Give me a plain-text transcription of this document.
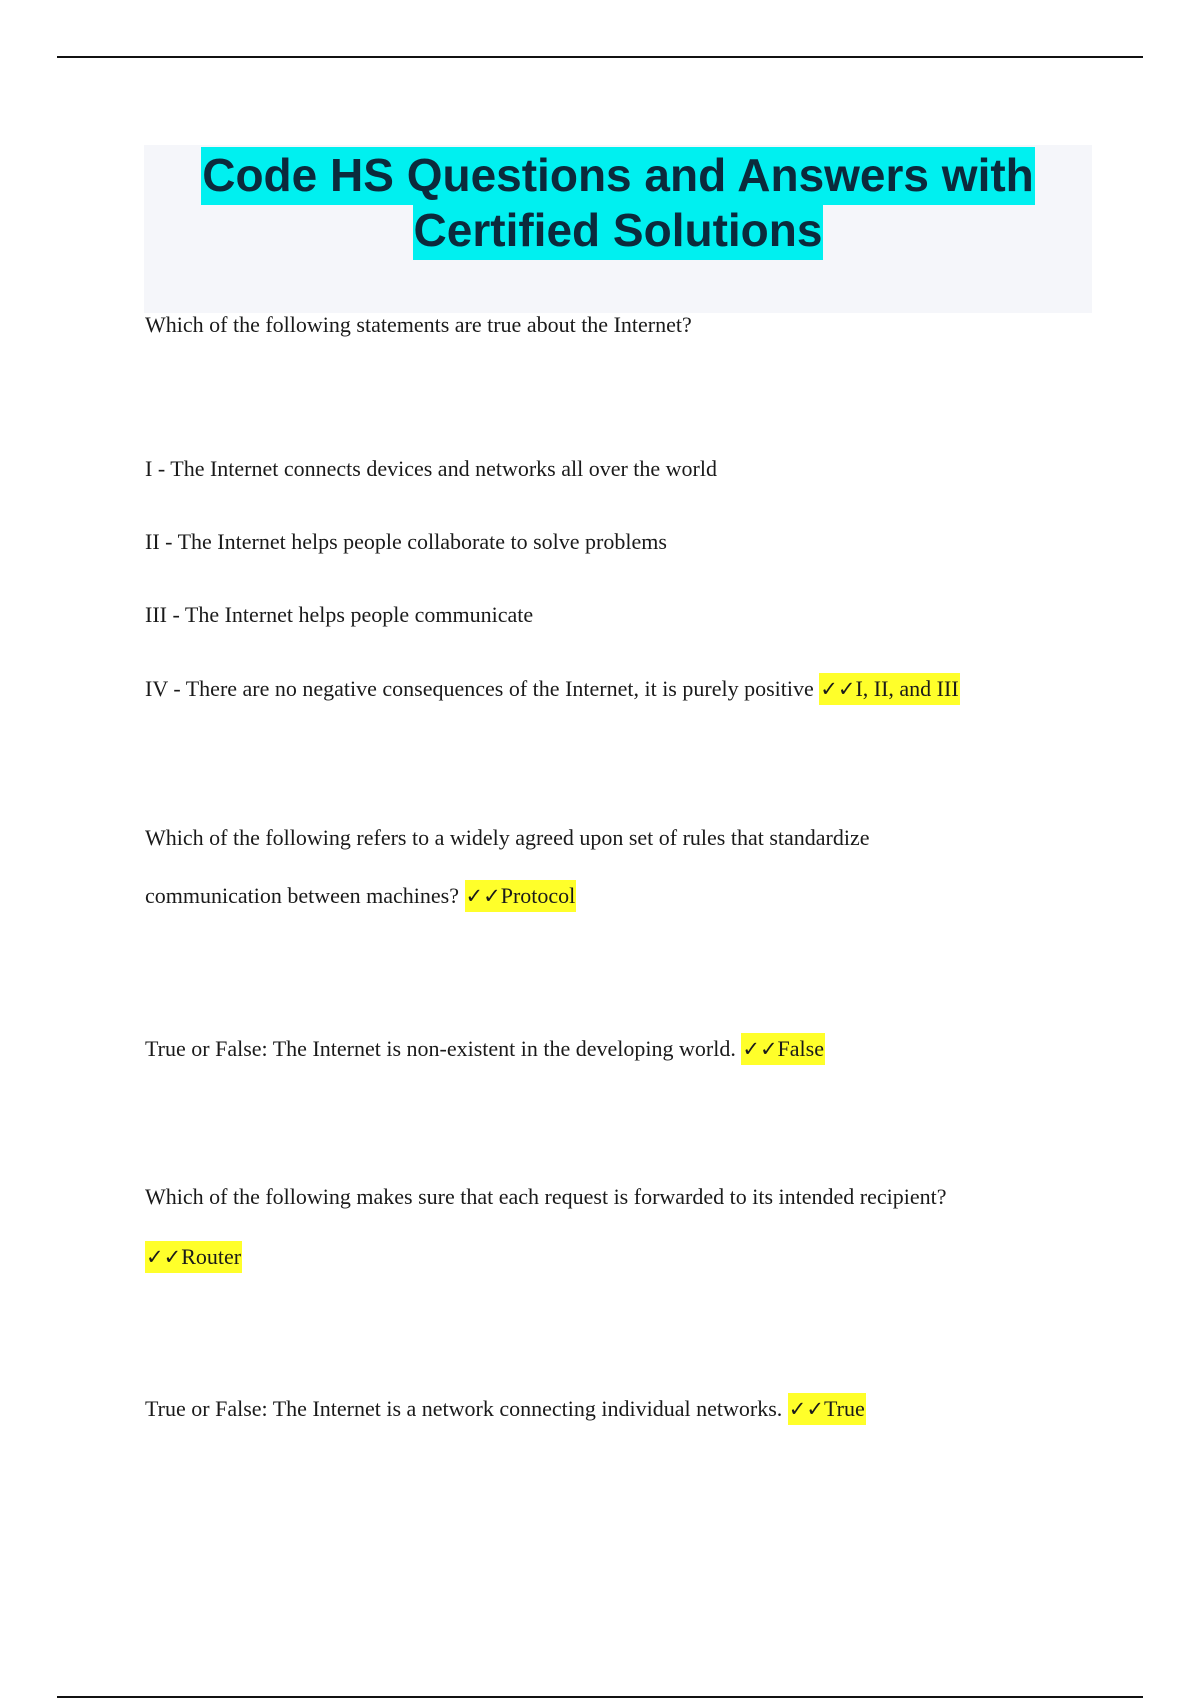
Code HS Questions and Answers with
Certified Solutions
Which of the following statements are true about the Internet?
I - The Internet connects devices and networks all over the world
II - The Internet helps people collaborate to solve problems
III - The Internet helps people communicate
IV - There are no negative consequences of the Internet, it is purely positive ✓✓I, II, and III
Which of the following refers to a widely agreed upon set of rules that standardize
communication between machines? ✓✓Protocol
True or False: The Internet is non-existent in the developing world. ✓✓False
Which of the following makes sure that each request is forwarded to its intended recipient?
✓✓Router
True or False: The Internet is a network connecting individual networks. ✓✓True
